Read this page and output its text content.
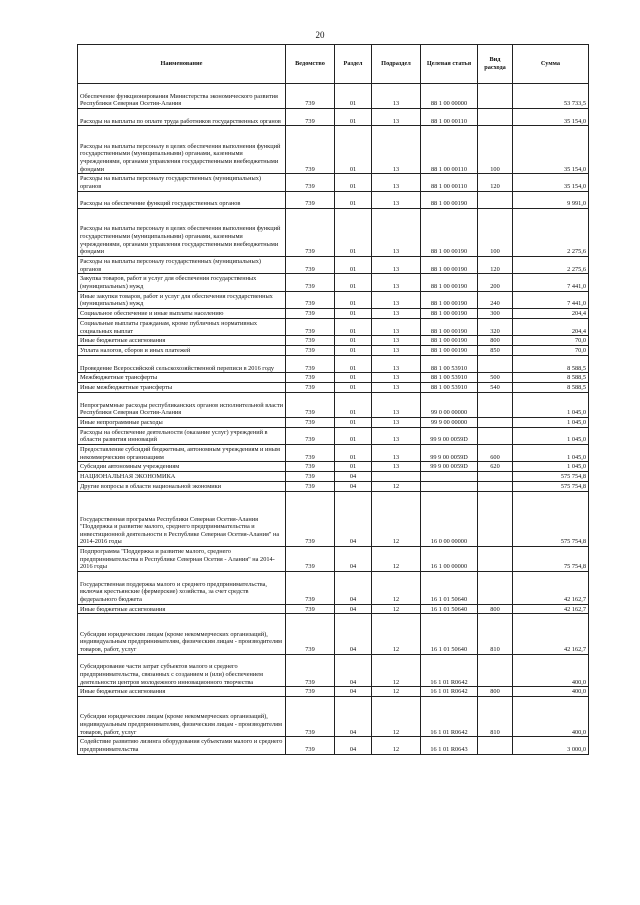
20
Наименование	Ведомство	Раздел	Подраздел	Целевая статья	Вид расхода	Сумма
Обеспечение функционирования Министерства экономического развития Республики Северная Осетия-Алания	739	01	13	88 1 00 00000		53 733,5
Расходы на выплаты по оплате труда работников государственных органов	739	01	13	88 1 00 00110		35 154,0
Расходы на выплаты персоналу в целях обеспечения выполнения функций государственными (муниципальными) органами, казенными учреждениями, органами управления государственными внебюджетными фондами	739	01	13	88 1 00 00110	100	35 154,0
Расходы на выплаты персоналу государственных (муниципальных) органов	739	01	13	88 1 00 00110	120	35 154,0
Расходы на обеспечение функций государственных органов	739	01	13	88 1 00 00190		9 991,0
Расходы на выплаты персоналу в целях обеспечения выполнения функций государственными (муниципальными) органами, казенными учреждениями, органами управления государственными внебюджетными фондами	739	01	13	88 1 00 00190	100	2 275,6
Расходы на выплаты персоналу государственных (муниципальных) органов	739	01	13	88 1 00 00190	120	2 275,6
Закупка товаров, работ и услуг для обеспечения государственных (муниципальных) нужд	739	01	13	88 1 00 00190	200	7 441,0
Иные закупки товаров, работ и услуг для обеспечения государственных (муниципальных) нужд	739	01	13	88 1 00 00190	240	7 441,0
Социальное обеспечение и иные выплаты населению	739	01	13	88 1 00 00190	300	204,4
Социальные выплаты гражданам, кроме публичных нормативных социальных выплат	739	01	13	88 1 00 00190	320	204,4
Иные бюджетные ассигнования	739	01	13	88 1 00 00190	800	70,0
Уплата налогов, сборов и иных платежей	739	01	13	88 1 00 00190	850	70,0
Проведение Всероссийской сельскохозяйственной переписи в 2016 году	739	01	13	88 1 00 53910		8 588,5
Межбюджетные трансферты	739	01	13	88 1 00 53910	500	8 588,5
Иные межбюджетные трансферты	739	01	13	88 1 00 53910	540	8 588,5
Непрограммные расходы республиканских органов исполнительной власти Республики Северная Осетия-Алания	739	01	13	99 0 00 00000		1 045,0
Иные непрограммные расходы	739	01	13	99 9 00 00000		1 045,0
Расходы на обеспечение деятельности (оказание услуг) учреждений в области развития инноваций	739	01	13	99 9 00 0059D		1 045,0
Предоставление субсидий бюджетным, автономным учреждениям и иным некоммерческим организациям	739	01	13	99 9 00 0059D	600	1 045,0
Субсидии автономным учреждениям	739	01	13	99 9 00 0059D	620	1 045,0
НАЦИОНАЛЬНАЯ ЭКОНОМИКА	739	04				575 754,8
Другие вопросы в области национальной экономики	739	04	12			575 754,8
Государственная программа Республики Северная Осетия-Алания "Поддержка и развитие малого, среднего предпринимательства и инвестиционной деятельности в Республике Северная Осетия-Алания" на 2014-2016 годы	739	04	12	16 0 00 00000		575 754,8
Подпрограмма "Поддержка и развитие малого, среднего предпринимательства в Республике Северная Осетия - Алания" на 2014-2016 годы	739	04	12	16 1 00 00000		75 754,8
Государственная поддержка малого и среднего предпринимательства, включая крестьянские (фермерские) хозяйства, за счет средств федерального бюджета	739	04	12	16 1 01 50640		42 162,7
Иные бюджетные ассигнования	739	04	12	16 1 01 50640	800	42 162,7
Субсидии юридическим лицам (кроме некоммерческих организаций), индивидуальным предпринимателям, физическим лицам - производителям товаров, работ, услуг	739	04	12	16 1 01 50640	810	42 162,7
Субсидирование части затрат субъектов малого и среднего предпринимательства, связанных с созданием и (или) обеспечением деятельности центров молодежного инновационного творчества	739	04	12	16 1 01 R0642		400,0
Иные бюджетные ассигнования	739	04	12	16 1 01 R0642	800	400,0
Субсидии юридическим лицам (кроме некоммерческих организаций), индивидуальным предпринимателям, физическим лицам - производителям товаров, работ, услуг	739	04	12	16 1 01 R0642	810	400,0
Содействие развитию лизинга оборудования субъектами малого и среднего предпринимательства	739	04	12	16 1 01 R0643		3 000,0
